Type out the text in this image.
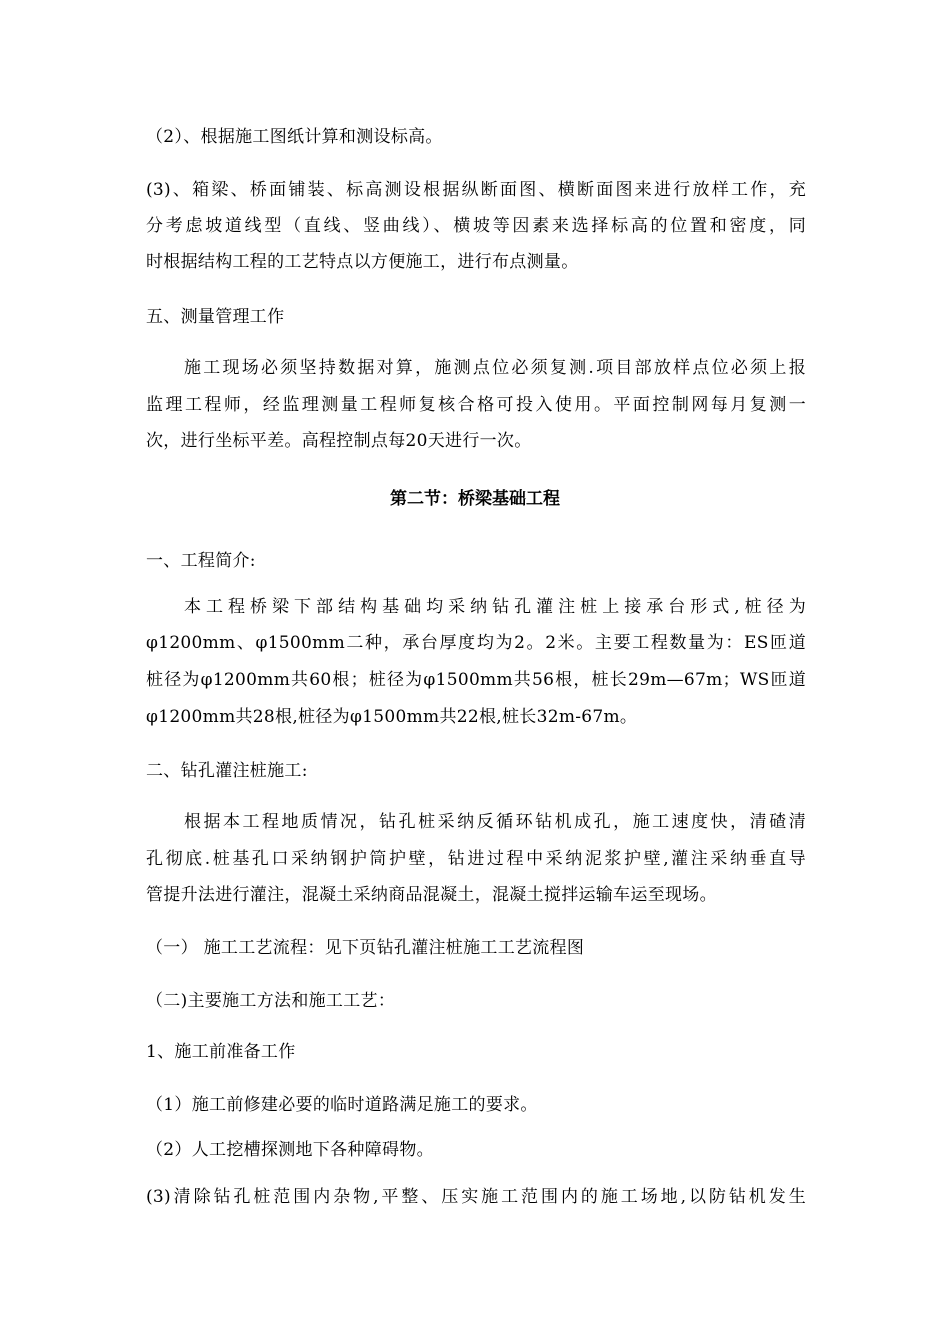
（2）、根据施工图纸计算和测设标高。
(3)、箱梁、桥面铺装、标高测设根据纵断面图、横断面图来进行放样工作，充
分考虑坡道线型（直线、竖曲线）、横坡等因素来选择标高的位置和密度，同
时根据结构工程的工艺特点以方便施工，进行布点测量。
五、测量管理工作
施工现场必须坚持数据对算，施测点位必须复测.项目部放样点位必须上报
监理工程师，经监理测量工程师复核合格可投入使用。平面控制网每月复测一
次，进行坐标平差。高程控制点每20天进行一次。
第二节：桥梁基础工程
一、工程简介:
本工程桥梁下部结构基础均采纳钻孔灌注桩上接承台形式,桩径为
φ1200mm、φ1500mm二种，承台厚度均为2。2米。主要工程数量为：ES匝道
桩径为φ1200mm共60根；桩径为φ1500mm共56根，桩长29m—67m；WS匝道
φ1200mm共28根,桩径为φ1500mm共22根,桩长32m-67m。
二、钻孔灌注桩施工:
根据本工程地质情况，钻孔桩采纳反循环钻机成孔，施工速度快，清碴清
孔彻底.桩基孔口采纳钢护筒护壁，钻进过程中采纳泥浆护壁,灌注采纳垂直导
管提升法进行灌注，混凝土采纳商品混凝土，混凝土搅拌运输车运至现场。
（一） 施工工艺流程：见下页钻孔灌注桩施工工艺流程图
（二)主要施工方法和施工工艺：
1、施工前准备工作
（1）施工前修建必要的临时道路满足施工的要求。
（2）人工挖槽探测地下各种障碍物。
(3)清除钻孔桩范围内杂物,平整、压实施工范围内的施工场地,以防钻机发生
